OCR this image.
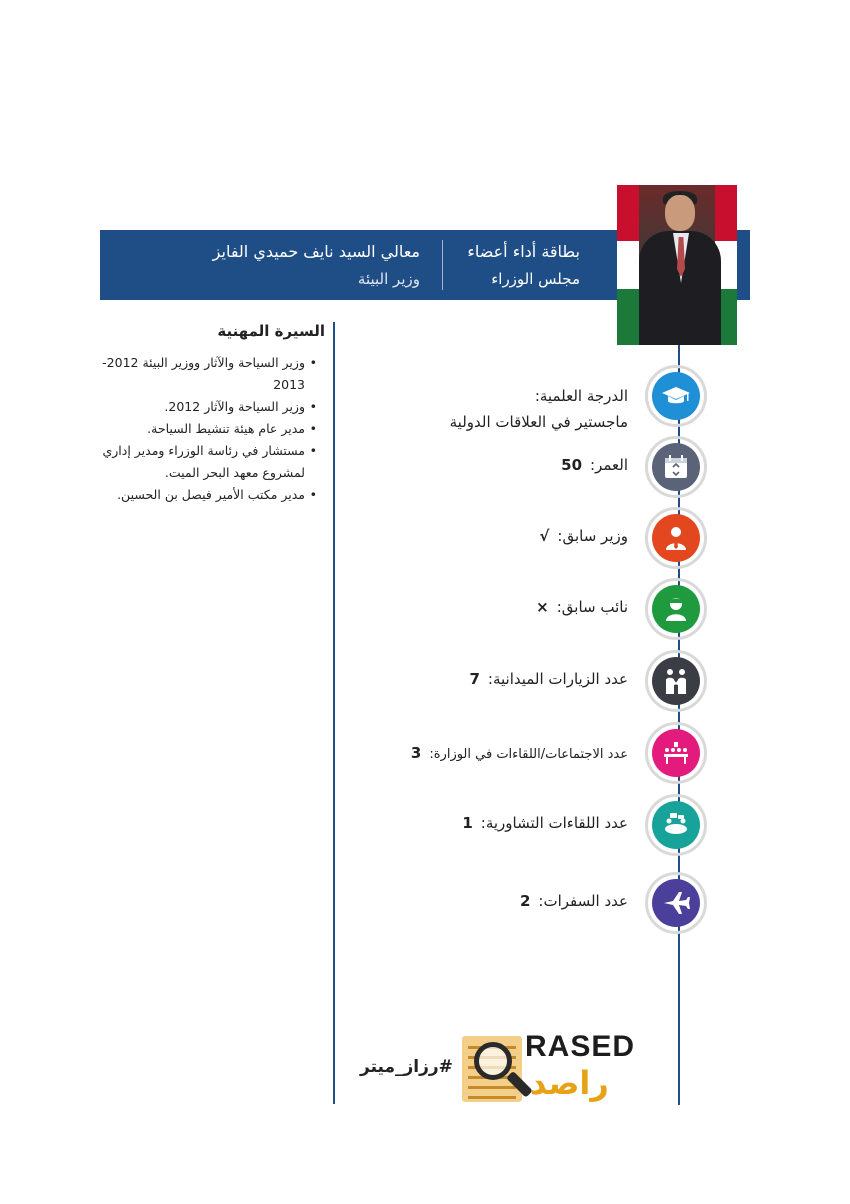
بطاقة أداء أعضاء
مجلس الوزراء
معالي السيد نايف حميدي الفايز
وزير البيئة
الدرجة العلمية:
ماجستير في العلاقات الدولية
العمر:50
وزير سابق:√
نائب سابق:×
عدد الزيارات الميدانية:7
عدد الاجتماعات/اللقاءات في الوزارة:3
عدد اللقاءات التشاورية:1
عدد السفرات:2
السيرة المهنية
• وزير السياحة والآثار ووزير البيئة 2012-2013
• وزير السياحة والآثار 2012.
• مدير عام هيئة تنشيط السياحة.
• مستشار في رئاسة الوزراء ومدير إداري لمشروع معهد البحر الميت.
• مدير مكتب الأمير فيصل بن الحسين.
#رزاز_ميتر
RASED
راصد
